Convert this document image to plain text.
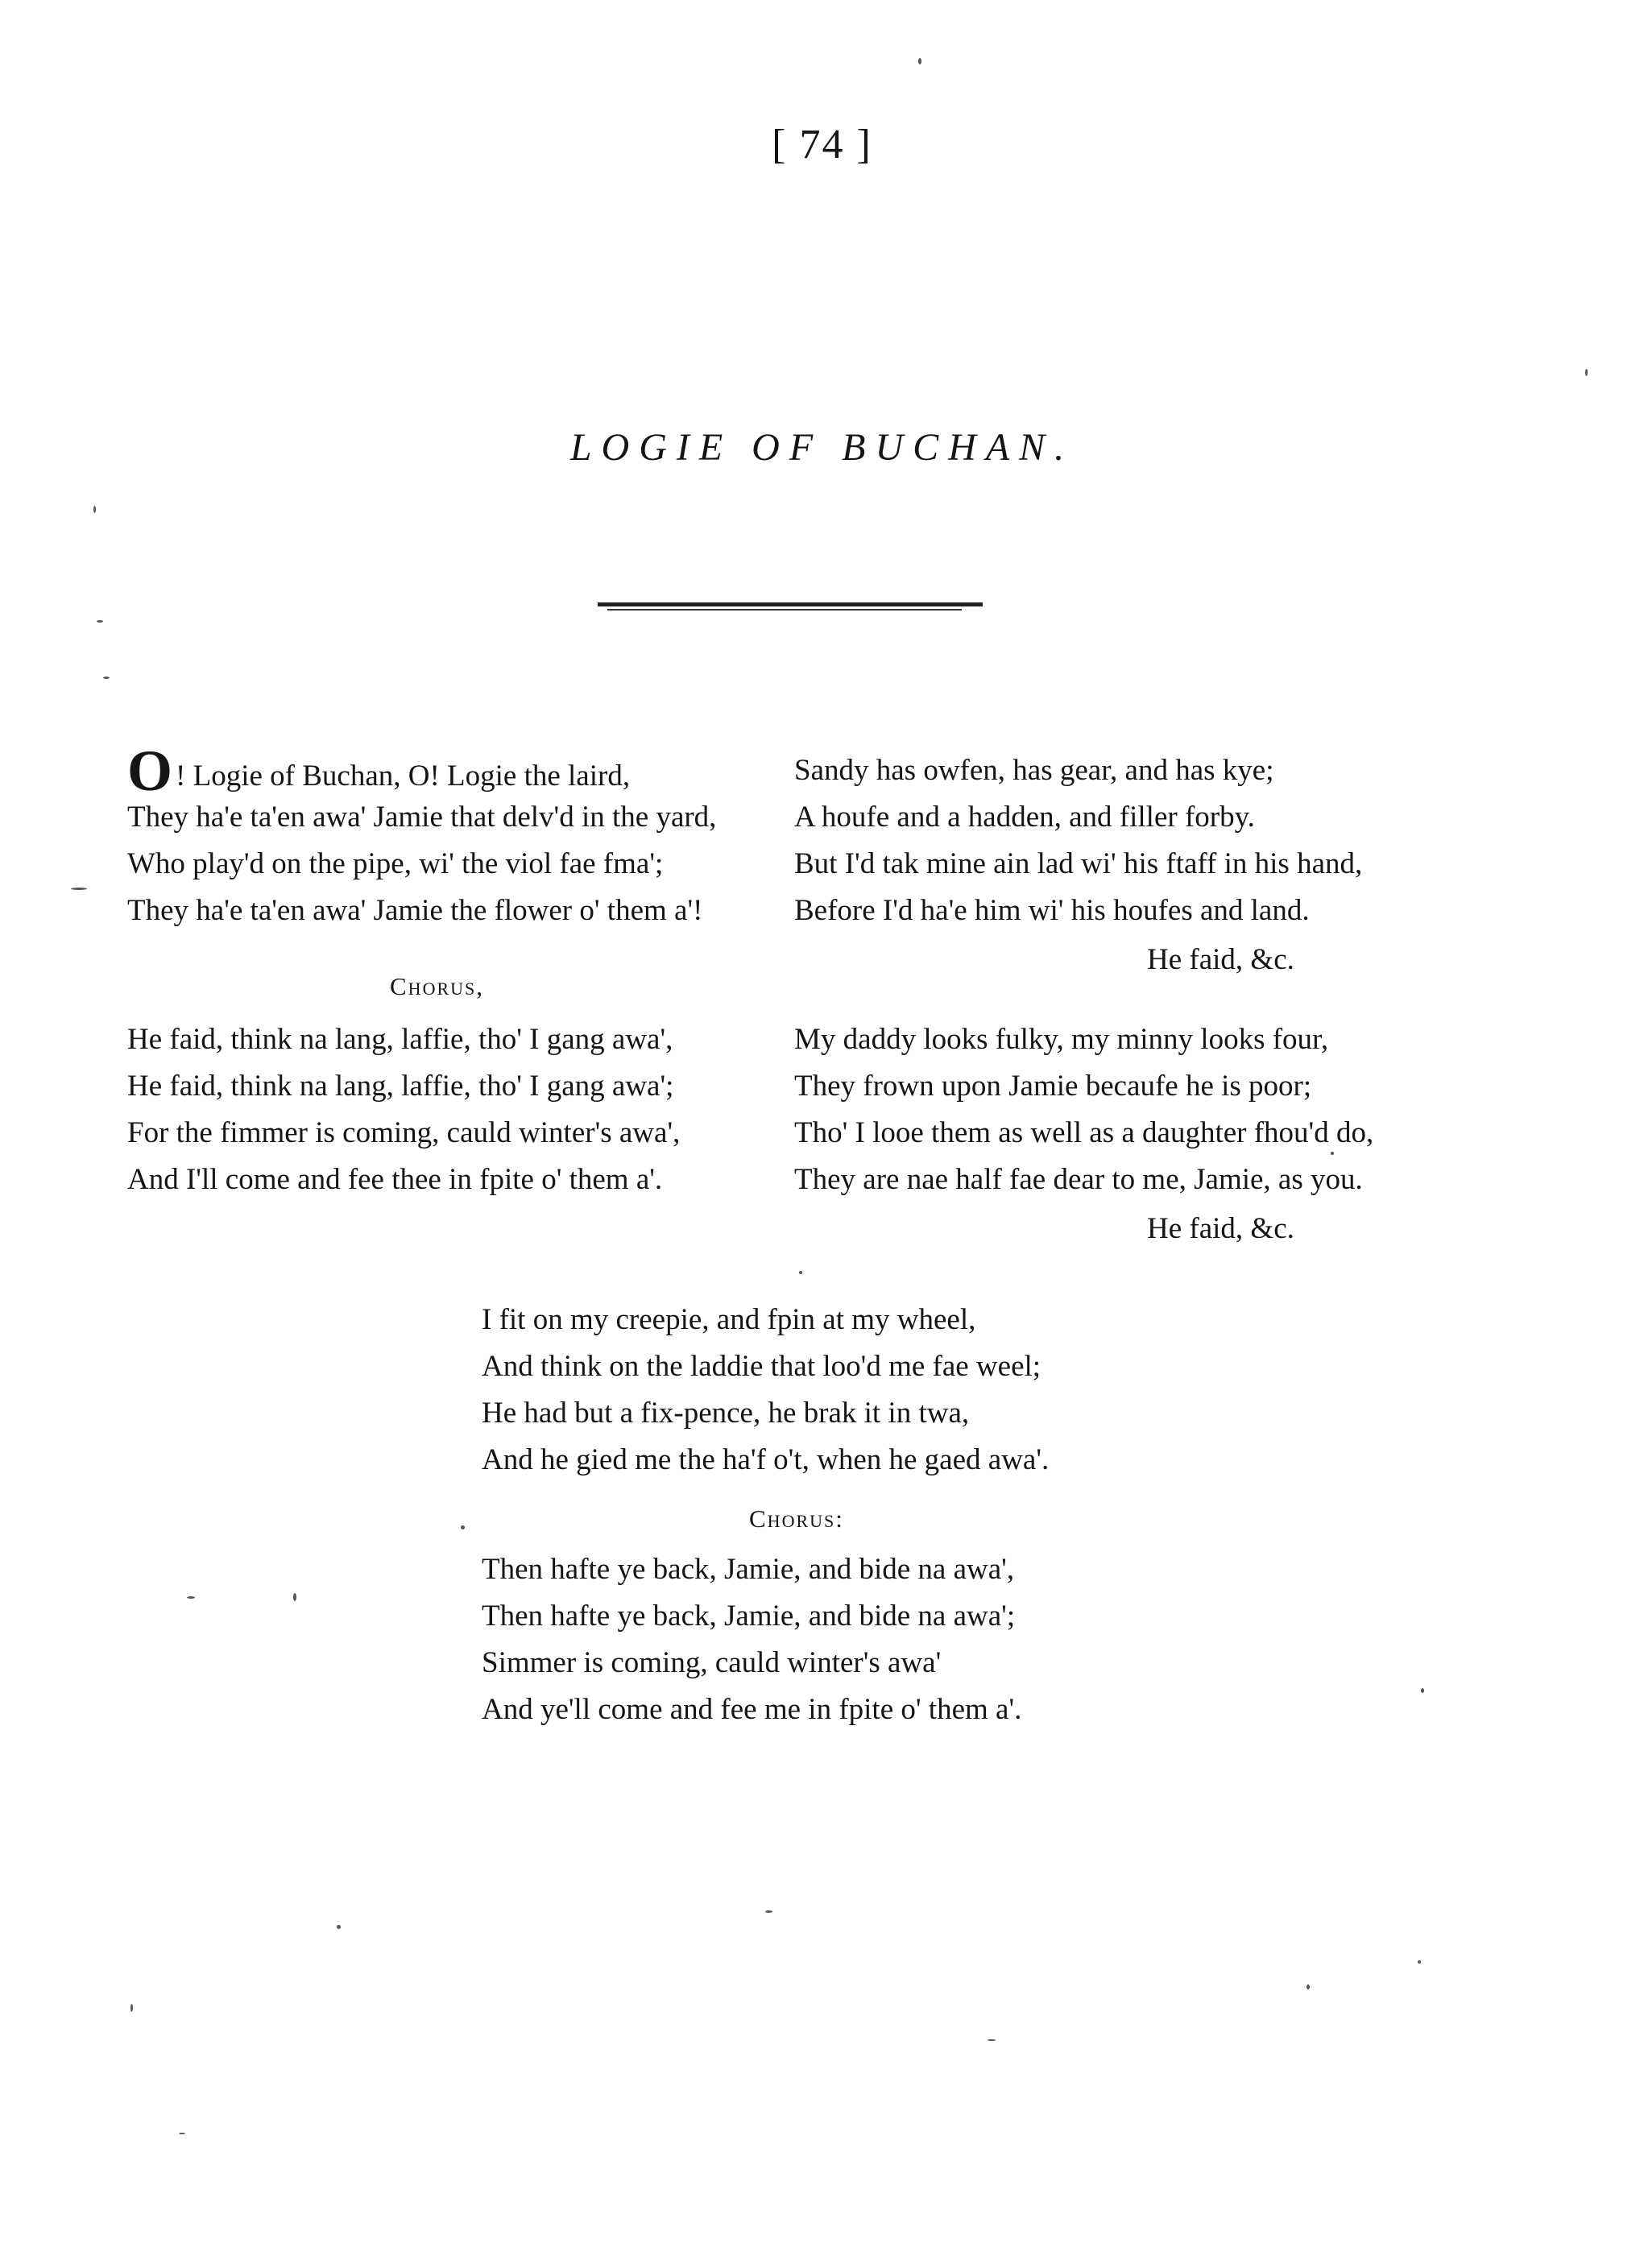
[ 74 ]
LOGIE OF BUCHAN.
O ! Logie of Buchan, O! Logie the laird,
They ha'e ta'en awa' Jamie that delv'd in the yard,
Who play'd on the pipe, wi' the viol fae fma';
They ha'e ta'en awa' Jamie the flower o' them a'!
Chorus,
He faid, think na lang, laffie, tho' I gang awa',
He faid, think na lang, laffie, tho' I gang awa';
For the fimmer is coming, cauld winter's awa',
And I'll come and fee thee in fpite o' them a'.
Sandy has owfen, has gear, and has kye;
A houfe and a hadden, and filler forby.
But I'd tak mine ain lad wi' his ftaff in his hand,
Before I'd ha'e him wi' his houfes and land.
He faid, &c.
My daddy looks fulky, my minny looks four,
They frown upon Jamie becaufe he is poor;
Tho' I looe them as well as a daughter fhou'd do,
They are nae half fae dear to me, Jamie, as you.
He faid, &c.
I fit on my creepie, and fpin at my wheel,
And think on the laddie that loo'd me fae weel;
He had but a fix-pence, he brak it in twa,
And he gied me the ha'f o't, when he gaed awa'.
Chorus:
Then hafte ye back, Jamie, and bide na awa',
Then hafte ye back, Jamie, and bide na awa';
Simmer is coming, cauld winter's awa'
And ye'll come and fee me in fpite o' them a'.
